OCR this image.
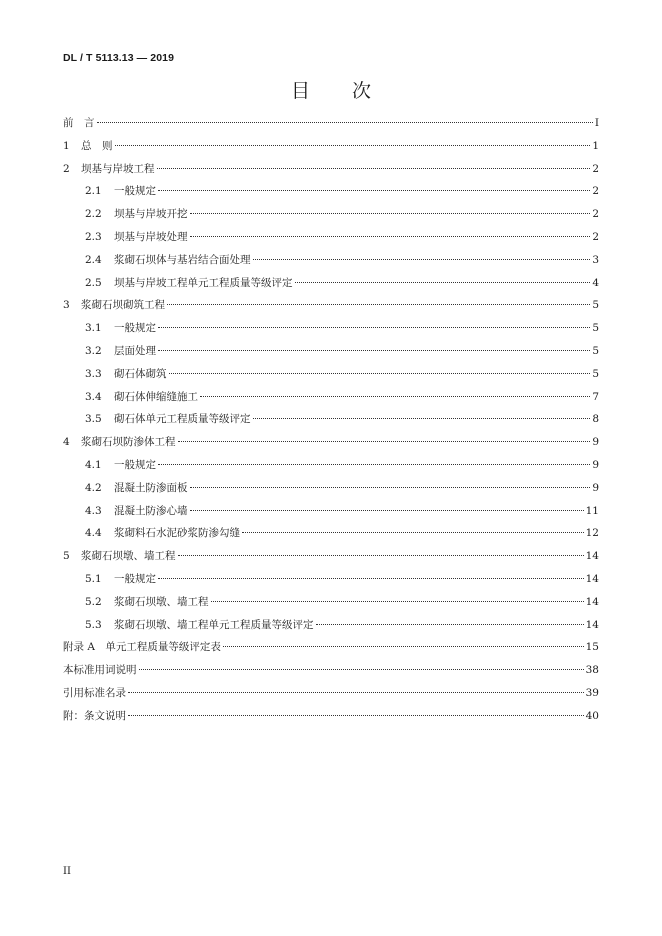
DL / T 5113.13 — 2019
目 次
前　言	I
1	总　则	1
2	坝基与岸坡工程	2
2.1	一般规定	2
2.2	坝基与岸坡开挖	2
2.3	坝基与岸坡处理	2
2.4	浆砌石坝体与基岩结合面处理	3
2.5	坝基与岸坡工程单元工程质量等级评定	4
3	浆砌石坝砌筑工程	5
3.1	一般规定	5
3.2	层面处理	5
3.3	砌石体砌筑	5
3.4	砌石体伸缩缝施工	7
3.5	砌石体单元工程质量等级评定	8
4	浆砌石坝防渗体工程	9
4.1	一般规定	9
4.2	混凝土防渗面板	9
4.3	混凝土防渗心墙	11
4.4	浆砌料石水泥砂浆防渗勾缝	12
5	浆砌石坝墩、墙工程	14
5.1	一般规定	14
5.2	浆砌石坝墩、墙工程	14
5.3	浆砌石坝墩、墙工程单元工程质量等级评定	14
附录 A　 单元工程质量等级评定表	15
本标准用词说明	38
引用标准名录	39
附：条文说明	40
II
